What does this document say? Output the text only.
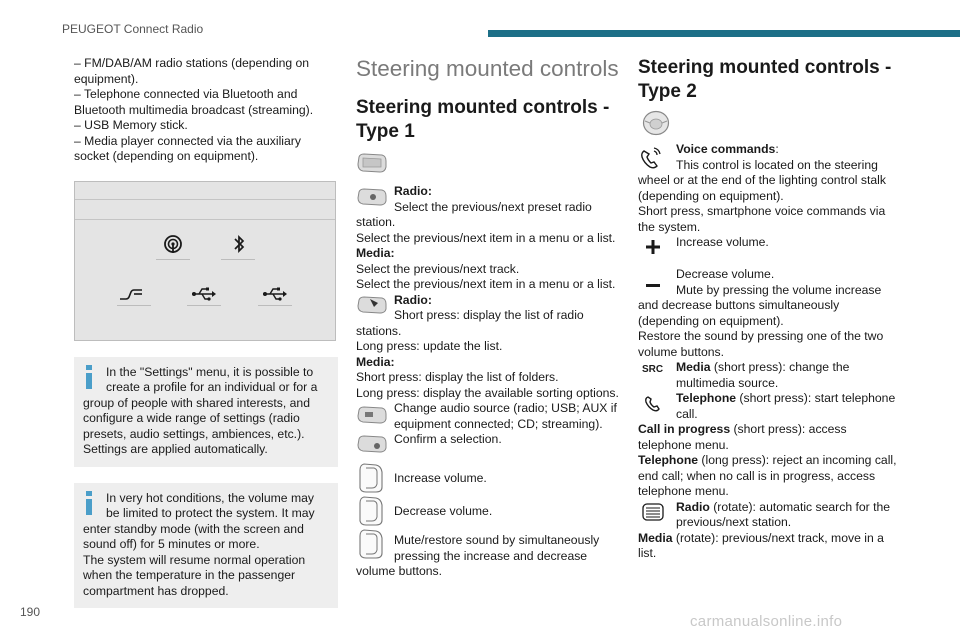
PEUGEOT Connect Radio

– FM/DAB/AM radio stations (depending on
equipment).
– Telephone connected via Bluetooth and
Bluetooth multimedia broadcast (streaming).
– USB Memory stick.
– Media player connected via the auxiliary
socket (depending on equipment).

In the "Settings" menu, it is possible to
create a profile for an individual or for a
group of people with shared interests, and
configure a wide range of settings (radio
presets, audio settings, ambiences, etc.).
Settings are applied automatically.

In very hot conditions, the volume may
be limited to protect the system. It may
enter standby mode (with the screen and
sound off) for 5 minutes or more.
The system will resume normal operation
when the temperature in the passenger
compartment has dropped.

Steering mounted controls
Steering mounted controls -
Type 1

Radio:
Select the previous/next preset radio
station.
Select the previous/next item in a menu or a list.
Media:
Select the previous/next track.
Select the previous/next item in a menu or a list.

Radio:
Short press: display the list of radio
stations.
Long press: update the list.
Media:
Short press: display the list of folders.
Long press: display the available sorting options.

Change audio source (radio; USB; AUX if
equipment connected; CD; streaming).

Confirm a selection.

Increase volume.

Decrease volume.

Mute/restore sound by simultaneously
pressing the increase and decrease
volume buttons.

Steering mounted controls -
Type 2

Voice commands:
This control is located on the steering
wheel or at the end of the lighting control stalk
(depending on equipment).
Short press, smartphone voice commands via
the system.

Increase volume.

Decrease volume.
Mute by pressing the volume increase
and decrease buttons simultaneously
(depending on equipment).
Restore the sound by pressing one of the two
volume buttons.

SRC	Media (short press): change the
multimedia source.

Telephone (short press): start telephone
call.

Call in progress (short press): access
telephone menu.
Telephone (long press): reject an incoming call,
end call; when no call is in progress, access
telephone menu.

Radio (rotate): automatic search for the
previous/next station.
Media (rotate): previous/next track, move in a
list.

190
carmanualsonline.info
